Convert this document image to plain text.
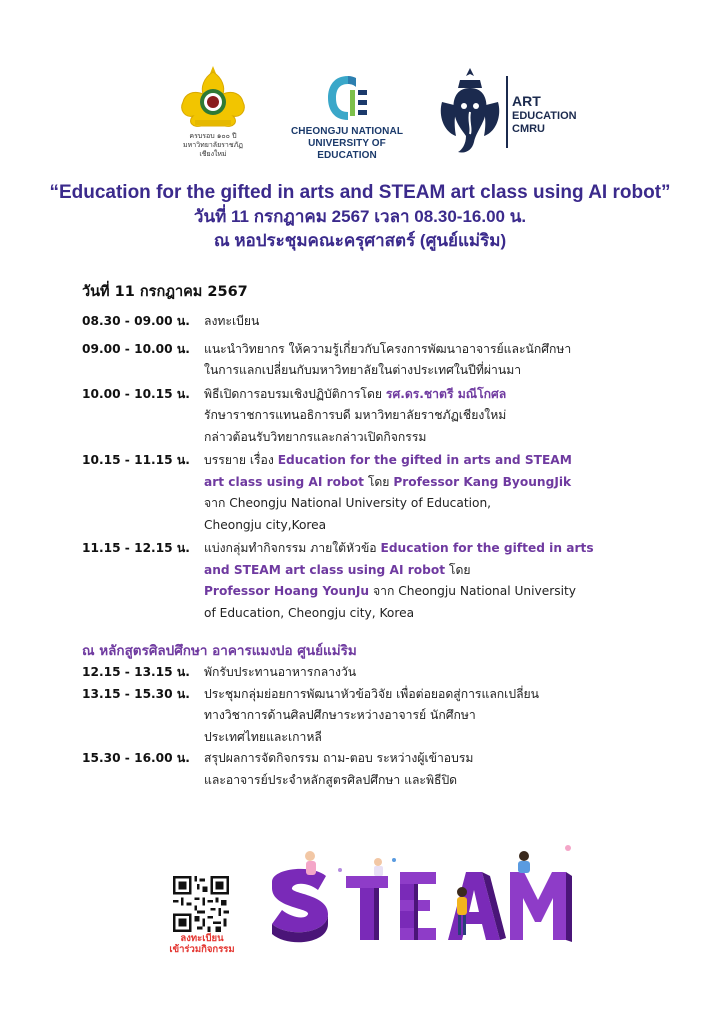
ครบรอบ ๑๐๐ ปี
มหาวิทยาลัยราชภัฏเชียงใหม่
CHEONGJU NATIONAL
UNIVERSITY OF EDUCATION
ART
EDUCATION
CMRU
“Education for the gifted in arts and STEAM art class using AI robot”
วันที่ 11 กรกฎาคม 2567 เวลา 08.30-16.00 น.
ณ หอประชุมคณะครุศาสตร์ (ศูนย์แม่ริม)
วันที่ 11 กรกฎาคม 2567
08.30 - 09.00 น.	ลงทะเบียน
09.00 - 10.00 น.	แนะนำวิทยากร ให้ความรู้เกี่ยวกับโครงการพัฒนาอาจารย์และนักศึกษา
ในการแลกเปลี่ยนกับมหาวิทยาลัยในต่างประเทศในปีที่ผ่านมา
10.00 - 10.15 น.	พิธีเปิดการอบรมเชิงปฏิบัติการโดย รศ.ดร.ชาตรี มณีโกศล
รักษาราชการแทนอธิการบดี มหาวิทยาลัยราชภัฏเชียงใหม่
กล่าวต้อนรับวิทยากรและกล่าวเปิดกิจกรรม
10.15 - 11.15 น.	บรรยาย เรื่อง Education for the gifted in arts and STEAM
art class using AI robot โดย Professor Kang ByoungJik
จาก Cheongju National University of Education,
Cheongju city,Korea
11.15 - 12.15 น.	แบ่งกลุ่มทำกิจกรรม ภายใต้หัวข้อ Education for the gifted in arts
and STEAM art class using AI robot โดย
Professor Hoang YounJu จาก Cheongju National University
of Education, Cheongju city, Korea
ณ หลักสูตรศิลปศึกษา อาคารแมงปอ ศูนย์แม่ริม
12.15 - 13.15 น.	พักรับประทานอาหารกลางวัน
13.15 - 15.30 น.	ประชุมกลุ่มย่อยการพัฒนาหัวข้อวิจัย เพื่อต่อยอดสู่การแลกเปลี่ยน
ทางวิชาการด้านศิลปศึกษาระหว่างอาจารย์ นักศึกษา
ประเทศไทยและเกาหลี
15.30 - 16.00 น.	สรุปผลการจัดกิจกรรม ถาม-ตอบ ระหว่างผู้เข้าอบรม
และอาจารย์ประจำหลักสูตรศิลปศึกษา และพิธีปิด
ลงทะเบียน
เข้าร่วมกิจกรรม
